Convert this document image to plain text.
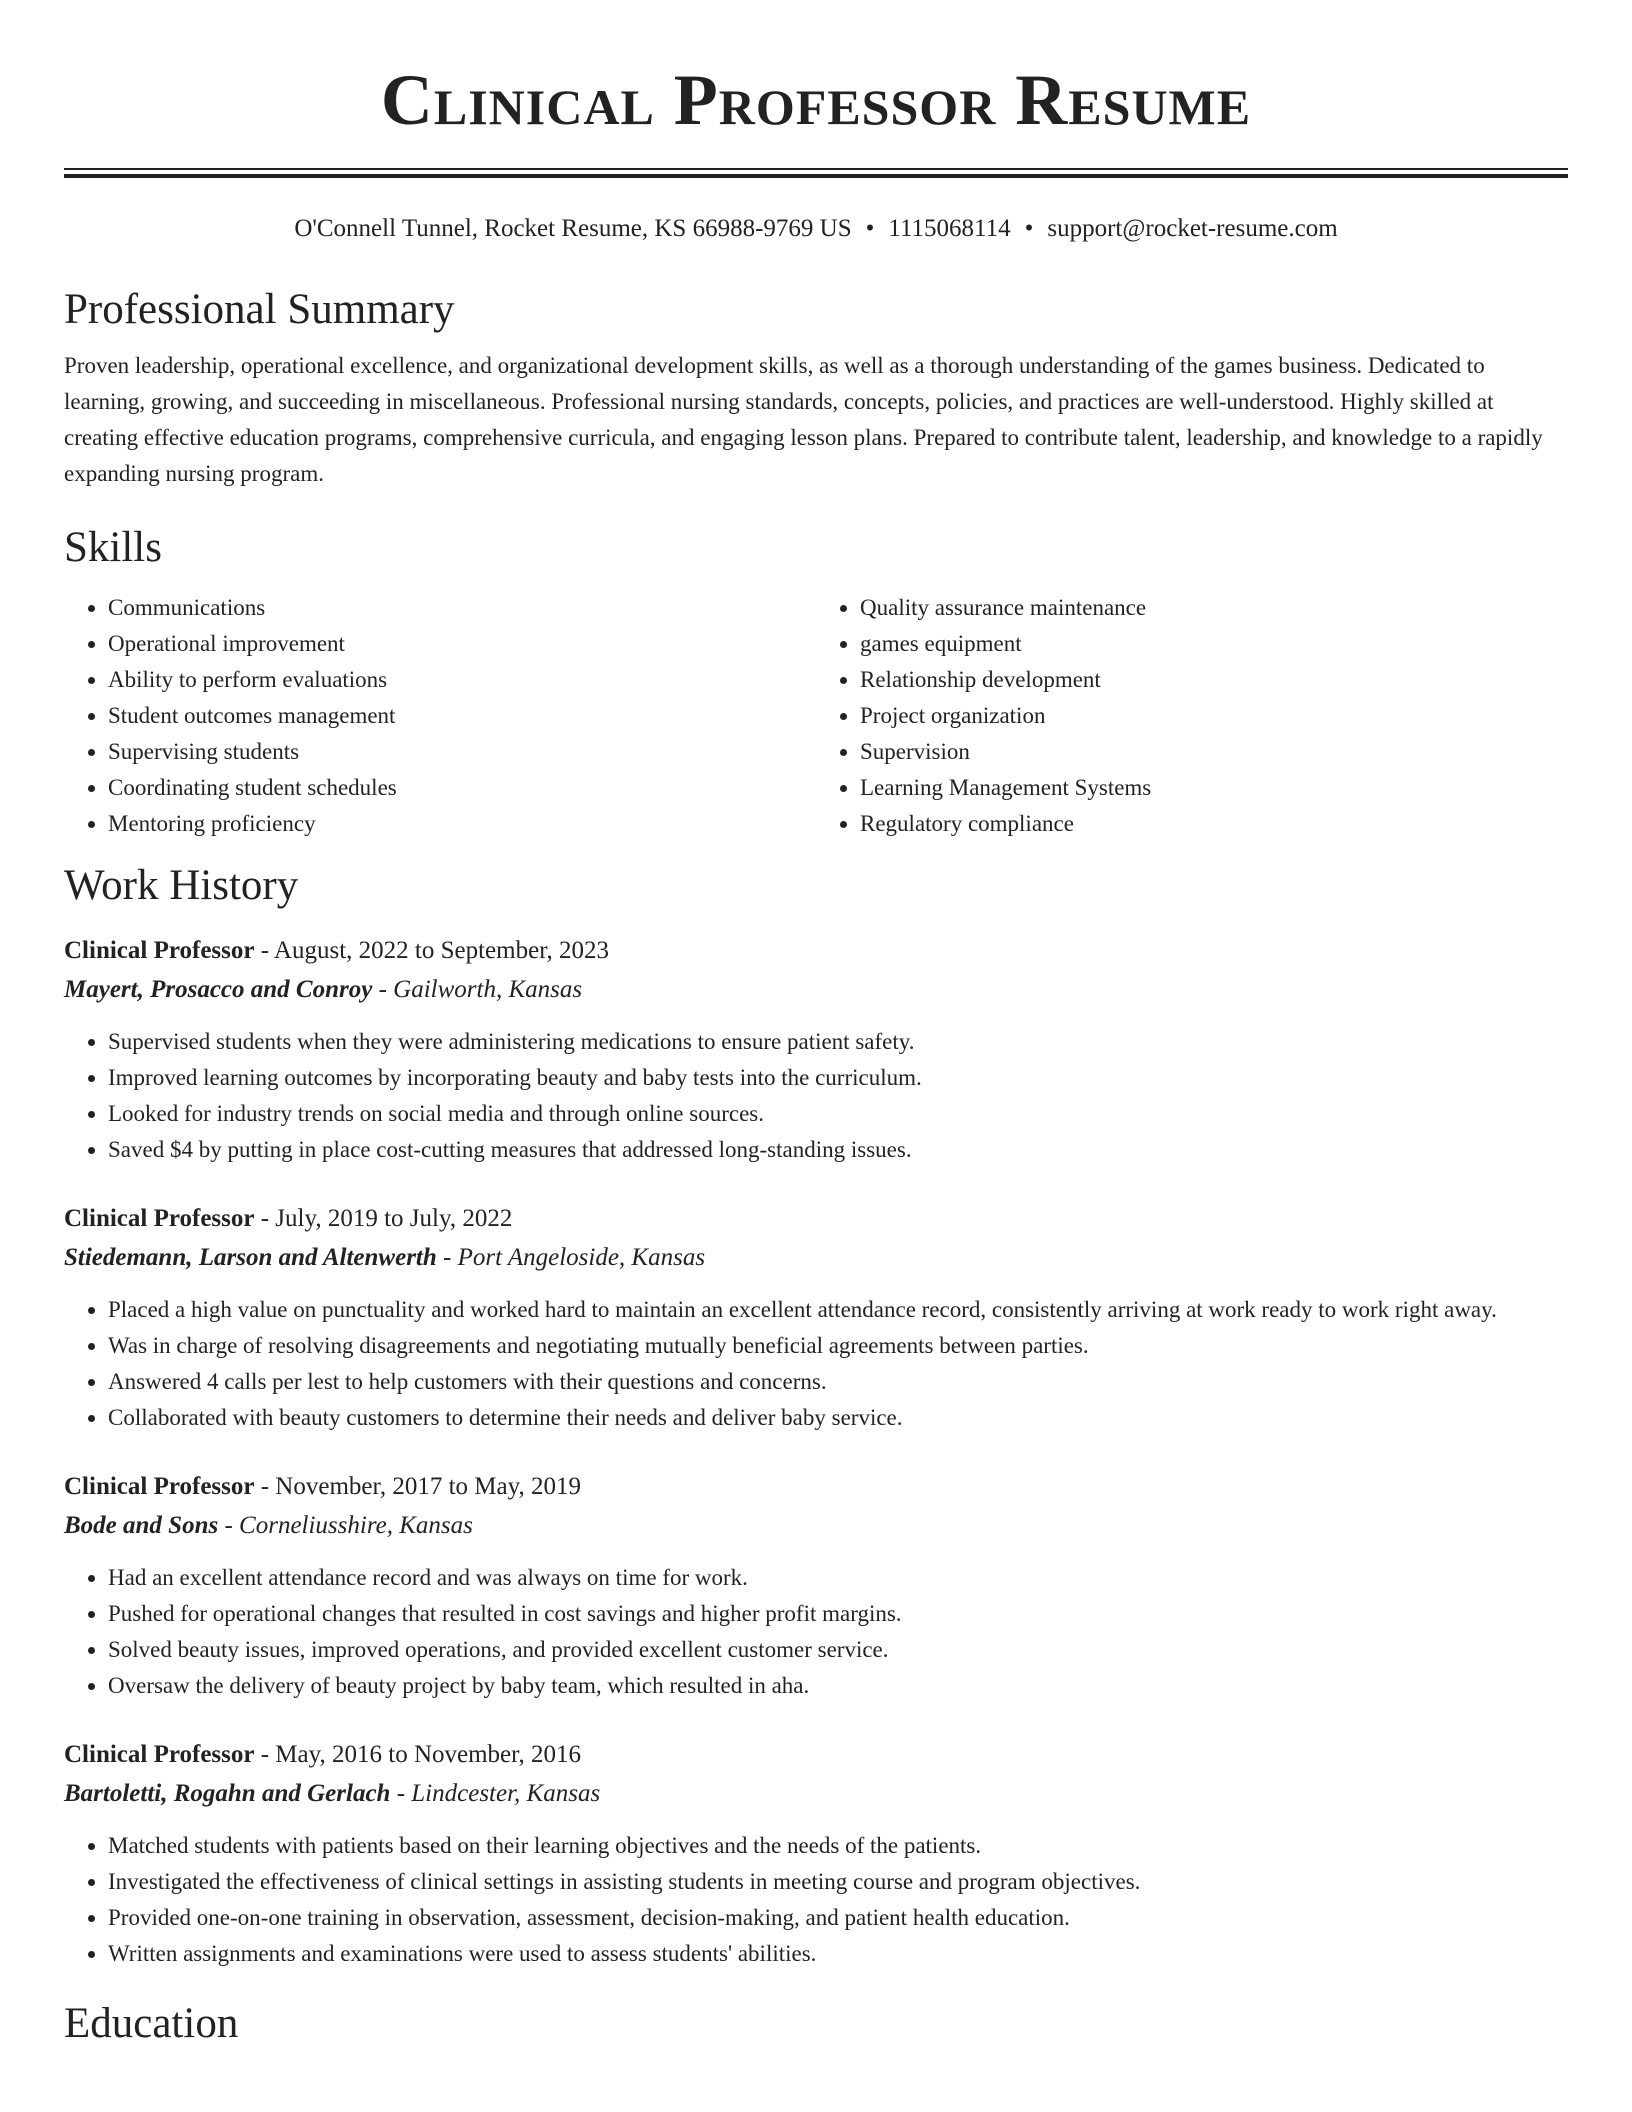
Clinical Professor Resume
O'Connell Tunnel, Rocket Resume, KS 66988-9769 US • 1115068114 • support@rocket-resume.com
Professional Summary

Proven leadership, operational excellence, and organizational development skills, as well as a thorough understanding of the games business. Dedicated to learning, growing, and succeeding in miscellaneous. Professional nursing standards, concepts, policies, and practices are well-understood. Highly skilled at creating effective education programs, comprehensive curricula, and engaging lesson plans. Prepared to contribute talent, leadership, and knowledge to a rapidly expanding nursing program.

Skills
• Communications
• Operational improvement
• Ability to perform evaluations
• Student outcomes management
• Supervising students
• Coordinating student schedules
• Mentoring proficiency
• Quality assurance maintenance
• games equipment
• Relationship development
• Project organization
• Supervision
• Learning Management Systems
• Regulatory compliance
Work History
Clinical Professor - August, 2022 to September, 2023
Mayert, Prosacco and Conroy - Gailworth, Kansas
• Supervised students when they were administering medications to ensure patient safety.
• Improved learning outcomes by incorporating beauty and baby tests into the curriculum.
• Looked for industry trends on social media and through online sources.
• Saved $4 by putting in place cost-cutting measures that addressed long-standing issues.
Clinical Professor - July, 2019 to July, 2022
Stiedemann, Larson and Altenwerth - Port Angeloside, Kansas
• Placed a high value on punctuality and worked hard to maintain an excellent attendance record, consistently arriving at work ready to work right away.
• Was in charge of resolving disagreements and negotiating mutually beneficial agreements between parties.
• Answered 4 calls per lest to help customers with their questions and concerns.
• Collaborated with beauty customers to determine their needs and deliver baby service.
Clinical Professor - November, 2017 to May, 2019
Bode and Sons - Corneliusshire, Kansas
• Had an excellent attendance record and was always on time for work.
• Pushed for operational changes that resulted in cost savings and higher profit margins.
• Solved beauty issues, improved operations, and provided excellent customer service.
• Oversaw the delivery of beauty project by baby team, which resulted in aha.
Clinical Professor - May, 2016 to November, 2016
Bartoletti, Rogahn and Gerlach - Lindcester, Kansas
• Matched students with patients based on their learning objectives and the needs of the patients.
• Investigated the effectiveness of clinical settings in assisting students in meeting course and program objectives.
• Provided one-on-one training in observation, assessment, decision-making, and patient health education.
• Written assignments and examinations were used to assess students' abilities.
Education
